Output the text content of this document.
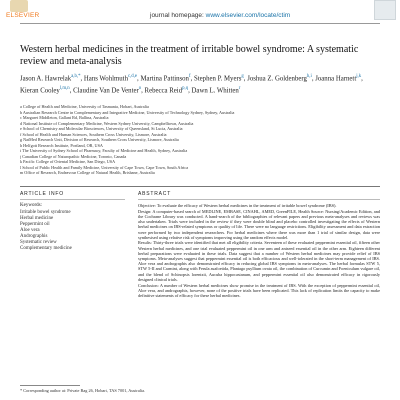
ELSEVIER	journal homepage: www.elsevier.com/locate/ctim
Western herbal medicines in the treatment of irritable bowel syndrome: A systematic review and meta-analysis
Jason A. Hawrelak$^{a,b,*}$, Hans Wohlmuth$^{c,d,e}$, Martina Pattinson$^f$, Stephen P. Myers$^g$, Joshua Z. Goldenberg$^{h,i}$, Joanna Harnett$^{j,k}$, Kieran Cooley$^{l,m,n}$, Claudine Van De Venter$^o$, Rebecca Reid$^{p,q}$, Dawn L. Whitten$^r$
a College of Health and Medicine, University of Tasmania, Hobart, Australia
b Australian Research Centre in Complementary and Integrative Medicine, University of Technology Sydney, Sydney, Australia
c Margaret Middleton, Gallant Rd, Ballina, Australia
d National Institute of Complementary Medicine, Western Sydney University, Campbelltown, Australia
e School of Chemistry and Molecular Biosciences, University of Queensland, St Lucia, Australia
f School of Health and Human Sciences, Southern Cross University, Lismore, Australia
g NatMed Research Unit, Division of Research, Southern Cross University, Lismore, Australia
h Helfgott Research Institute, Portland, OR, USA
i The University of Sydney School of Pharmacy, Faculty of Medicine and Health, Sydney, Australia
j Canadian College of Naturopathic Medicine, Toronto, Canada
k Pacific College of Oriental Medicine, San Diego, USA
l School of Public Health and Family Medicine, University of Cape Town, Cape Town, South Africa
m Office of Research, Endeavour College of Natural Health, Brisbane, Australia
ARTICLE INFO	ABSTRACT
Keywords:
Irritable bowel syndrome
Herbal medicine
Peppermint oil
Aloe vera
Andrographis
Systematic review
Complementary medicine

Objective: To evaluate the efficacy of Western herbal medicines in the treatment of irritable bowel syndrome (IBS).

Design: A computer-based search of MEDLINE, EMBASE, CINAHL, AMED, GreenFILE, Health Source: Nursing/Academic Edition, and the Cochrane Library was conducted. A hand-search of the bibliographies of relevant papers and previous meta-analyses and reviews was also undertaken. Trials were included in the review if they were double blind and placebo controlled investigating the effects of Western herbal medicines on IBS-related symptoms or quality of life. There were no language restrictions. Eligibility assessment and data extraction were performed by two independent researchers. For herbal medicines where there was more than 1 trial of similar design, data were synthesised using relative risk of symptoms improving using the random effects model.

Results: Thirty-three trials were identified that met all eligibility criteria. Seventeen of these evaluated peppermint essential oil, fifteen other Western herbal medicines, and one trial evaluated peppermint oil in one arm and aniseed essential oil in the other arm. Eighteen different herbal preparations were evaluated in these trials. Data suggest that a number of Western herbal medicines may provide relief of IBS symptoms. Meta-analyses suggest that peppermint essential oil is both efficacious and well-tolerated in the short-term management of IBS. Aloe vera and andrographis also demonstrated efficacy in reducing global IBS symptoms in meta-analyses. The herbal formulas STW 5, STW 5-II and Carmint, along with Ferula asafoetida, Plantago psyllium ovata oil, the combination of Curcumin and Foeniculum vulgare oil, and the blend of Schinopsis lorentzii, Aucuba hippocastanum, and peppermint essential oil also demonstrated efficacy in rigorously designed clinical trials.

Conclusion: A number of Western herbal medicines show promise in the treatment of IBS. With the exception of peppermint essential oil, Aloe vera, and andrographis, however, none of the positive trials have been replicated. This lack of replication limits the capacity to make definitive statements of efficacy for these herbal medicines.

* Corresponding author at: Private Bag 26, Hobart, TAS 7001, Australia.
